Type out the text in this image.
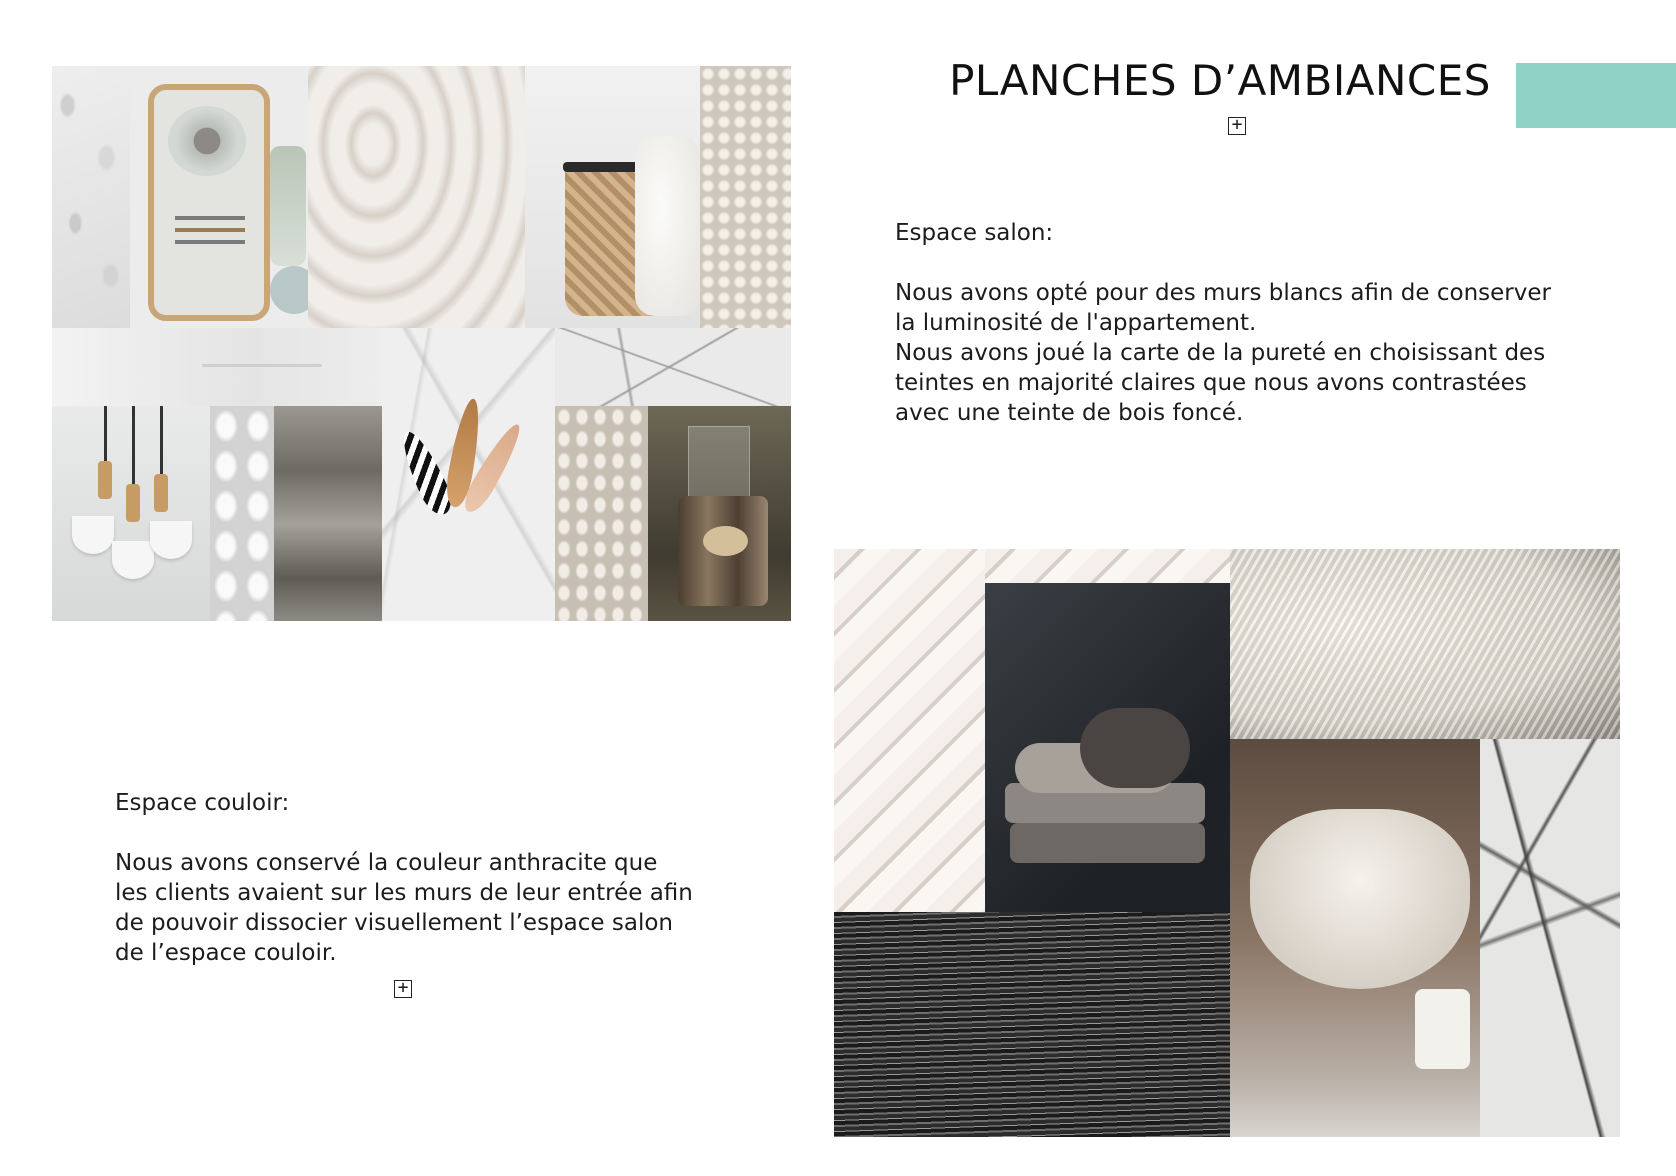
PLANCHES D’AMBIANCES
+

Espace salon:

Nous avons opté pour des murs blancs afin de conserver

la luminosité de l'appartement.

Nous avons joué la carte de la pureté en choisissant des

teintes en majorité claires que nous avons contrastées

avec une teinte de bois foncé.

Espace couloir:

Nous avons conservé la couleur anthracite que

les clients avaient sur les murs de leur entrée afin

de pouvoir dissocier visuellement l’espace salon

de l’espace couloir.

+
